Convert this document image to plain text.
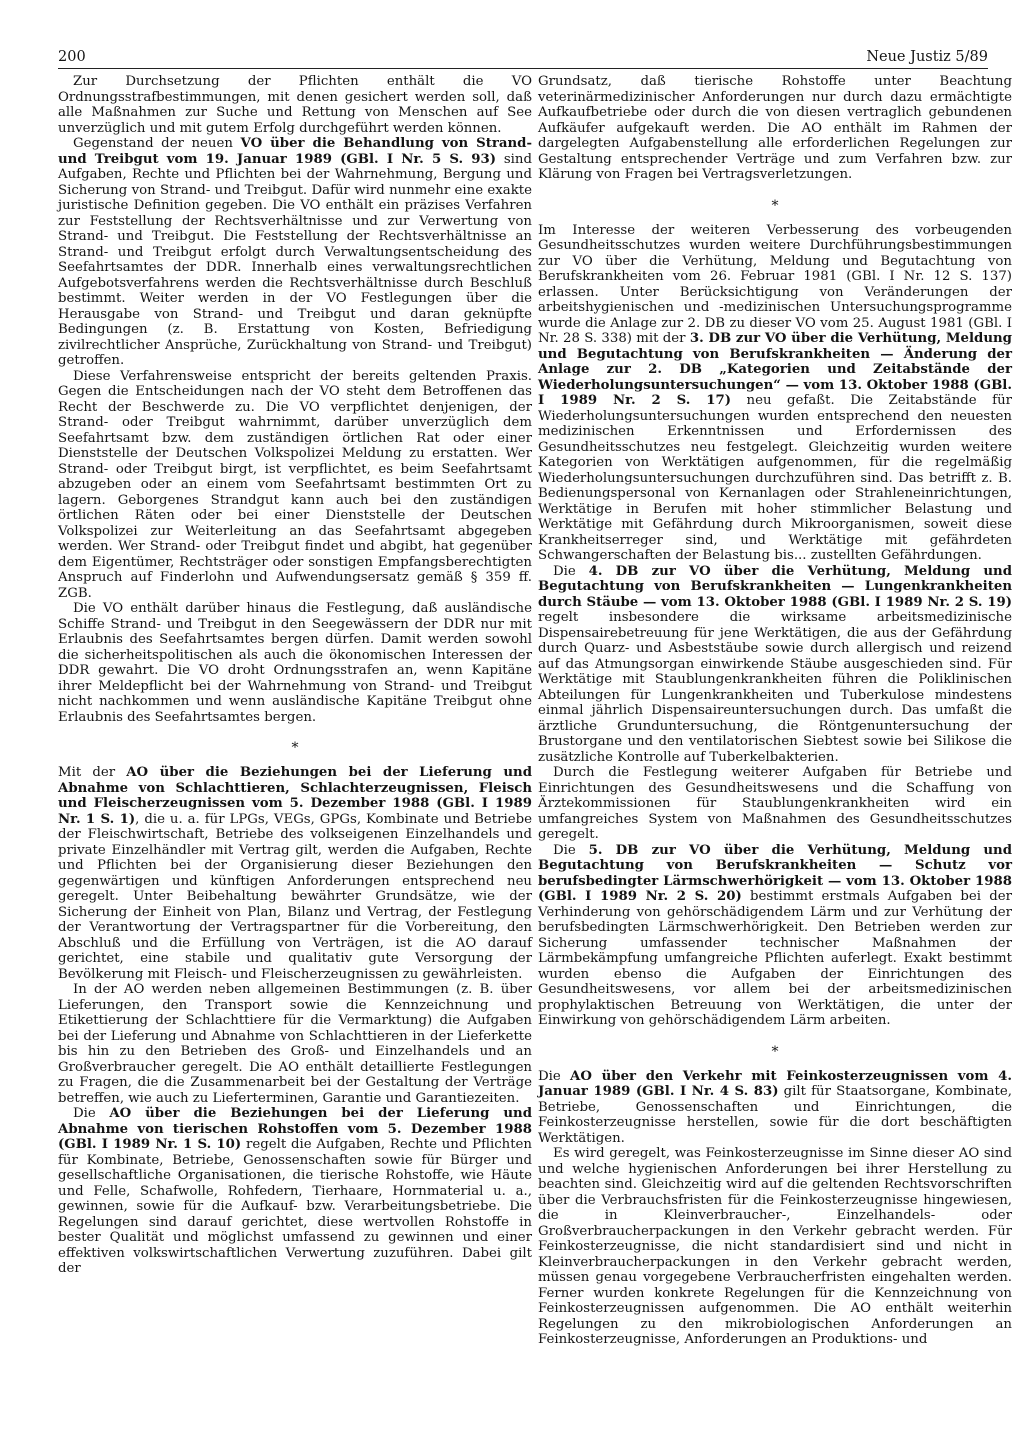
200	Neue Justiz 5/89

Zur Durchsetzung der Pflichten enthält die VO Ordnungsstrafbestimmungen, mit denen gesichert werden soll, daß alle Maßnahmen zur Suche und Rettung von Menschen auf See unverzüglich und mit gutem Erfolg durchgeführt werden können.

Gegenstand der neuen VO über die Behandlung von Strand- und Treibgut vom 19. Januar 1989 (GBl. I Nr. 5 S. 93) sind Aufgaben, Rechte und Pflichten bei der Wahrnehmung, Bergung und Sicherung von Strand- und Treibgut. Dafür wird nunmehr eine exakte juristische Definition gegeben. Die VO enthält ein präzises Verfahren zur Feststellung der Rechtsverhältnisse und zur Verwertung von Strand- und Treibgut. Die Feststellung der Rechtsverhältnisse an Strand- und Treibgut erfolgt durch Verwaltungsentscheidung des Seefahrtsamtes der DDR. Innerhalb eines verwaltungsrechtlichen Aufgebotsverfahrens werden die Rechtsverhältnisse durch Beschluß bestimmt. Weiter werden in der VO Festlegungen über die Herausgabe von Strand- und Treibgut und daran geknüpfte Bedingungen (z. B. Erstattung von Kosten, Befriedigung zivilrechtlicher Ansprüche, Zurückhaltung von Strand- und Treibgut) getroffen.

Diese Verfahrensweise entspricht der bereits geltenden Praxis. Gegen die Entscheidungen nach der VO steht dem Betroffenen das Recht der Beschwerde zu. Die VO verpflichtet denjenigen, der Strand- oder Treibgut wahrnimmt, darüber unverzüglich dem Seefahrtsamt bzw. dem zuständigen örtlichen Rat oder einer Dienststelle der Deutschen Volkspolizei Meldung zu erstatten. Wer Strand- oder Treibgut birgt, ist verpflichtet, es beim Seefahrtsamt abzugeben oder an einem vom Seefahrtsamt bestimmten Ort zu lagern. Geborgenes Strandgut kann auch bei den zuständigen örtlichen Räten oder bei einer Dienststelle der Deutschen Volkspolizei zur Weiterleitung an das Seefahrtsamt abgegeben werden. Wer Strand- oder Treibgut findet und abgibt, hat gegenüber dem Eigentümer, Rechtsträger oder sonstigen Empfangsberechtigten Anspruch auf Finderlohn und Aufwendungsersatz gemäß § 359 ff. ZGB.

Die VO enthält darüber hinaus die Festlegung, daß ausländische Schiffe Strand- und Treibgut in den Seegewässern der DDR nur mit Erlaubnis des Seefahrtsamtes bergen dürfen. Damit werden sowohl die sicherheitspolitischen als auch die ökonomischen Interessen der DDR gewahrt. Die VO droht Ordnungsstrafen an, wenn Kapitäne ihrer Meldepflicht bei der Wahrnehmung von Strand- und Treibgut nicht nachkommen und wenn ausländische Kapitäne Treibgut ohne Erlaubnis des Seefahrtsamtes bergen.

*

Mit der AO über die Beziehungen bei der Lieferung und Abnahme von Schlachttieren, Schlachterzeugnissen, Fleisch und Fleischerzeugnissen vom 5. Dezember 1988 (GBl. I 1989 Nr. 1 S. 1), die u. a. für LPGs, VEGs, GPGs, Kombinate und Betriebe der Fleischwirtschaft, Betriebe des volkseigenen Einzelhandels und private Einzelhändler mit Vertrag gilt, werden die Aufgaben, Rechte und Pflichten bei der Organisierung dieser Beziehungen den gegenwärtigen und künftigen Anforderungen entsprechend neu geregelt. Unter Beibehaltung bewährter Grundsätze, wie der Sicherung der Einheit von Plan, Bilanz und Vertrag, der Festlegung der Verantwortung der Vertragspartner für die Vorbereitung, den Abschluß und die Erfüllung von Verträgen, ist die AO darauf gerichtet, eine stabile und qualitativ gute Versorgung der Bevölkerung mit Fleisch- und Fleischerzeugnissen zu gewährleisten.

In der AO werden neben allgemeinen Bestimmungen (z. B. über Lieferungen, den Transport sowie die Kennzeichnung und Etikettierung der Schlachttiere für die Vermarktung) die Aufgaben bei der Lieferung und Abnahme von Schlachttieren in der Lieferkette bis hin zu den Betrieben des Groß- und Einzelhandels und an Großverbraucher geregelt. Die AO enthält detaillierte Festlegungen zu Fragen, die die Zusammenarbeit bei der Gestaltung der Verträge betreffen, wie auch zu Lieferterminen, Garantie und Garantiezeiten.

Die AO über die Beziehungen bei der Lieferung und Abnahme von tierischen Rohstoffen vom 5. Dezember 1988 (GBl. I 1989 Nr. 1 S. 10) regelt die Aufgaben, Rechte und Pflichten für Kombinate, Betriebe, Genossenschaften sowie für Bürger und gesellschaftliche Organisationen, die tierische Rohstoffe, wie Häute und Felle, Schafwolle, Rohfedern, Tierhaare, Hornmaterial u. a., gewinnen, sowie für die Aufkauf- bzw. Verarbeitungsbetriebe. Die Regelungen sind darauf gerichtet, diese wertvollen Rohstoffe in bester Qualität und möglichst umfassend zu gewinnen und einer effektiven volkswirtschaftlichen Verwertung zuzuführen. Dabei gilt der

Grundsatz, daß tierische Rohstoffe unter Beachtung veterinärmedizinischer Anforderungen nur durch dazu ermächtigte Aufkaufbetriebe oder durch die von diesen vertraglich gebundenen Aufkäufer aufgekauft werden. Die AO enthält im Rahmen der dargelegten Aufgabenstellung alle erforderlichen Regelungen zur Gestaltung entsprechender Verträge und zum Verfahren bzw. zur Klärung von Fragen bei Vertragsverletzungen.

*

Im Interesse der weiteren Verbesserung des vorbeugenden Gesundheitsschutzes wurden weitere Durchführungsbestimmungen zur VO über die Verhütung, Meldung und Begutachtung von Berufskrankheiten vom 26. Februar 1981 (GBl. I Nr. 12 S. 137) erlassen. Unter Berücksichtigung von Veränderungen der arbeitshygienischen und -medizinischen Untersuchungsprogramme wurde die Anlage zur 2. DB zu dieser VO vom 25. August 1981 (GBl. I Nr. 28 S. 338) mit der 3. DB zur VO über die Verhütung, Meldung und Begutachtung von Berufskrankheiten — Änderung der Anlage zur 2. DB „Kategorien und Zeitabstände der Wiederholungsuntersuchungen“ — vom 13. Oktober 1988 (GBl. I 1989 Nr. 2 S. 17) neu gefaßt. Die Zeitabstände für Wiederholungsuntersuchungen wurden entsprechend den neuesten medizinischen Erkenntnissen und Erfordernissen des Gesundheitsschutzes neu festgelegt. Gleichzeitig wurden weitere Kategorien von Werktätigen aufgenommen, für die regelmäßig Wiederholungsuntersuchungen durchzuführen sind. Das betrifft z. B. Bedienungspersonal von Kernanlagen oder Strahleneinrichtungen, Werktätige in Berufen mit hoher stimmlicher Belastung und Werktätige mit Gefährdung durch Mikroorganismen, soweit diese Krankheitserreger sind, und Werktätige mit gefährdeten Schwangerschaften der Belastung bis... zustellten Gefährdungen.

Die 4. DB zur VO über die Verhütung, Meldung und Begutachtung von Berufskrankheiten — Lungenkrankheiten durch Stäube — vom 13. Oktober 1988 (GBl. I 1989 Nr. 2 S. 19) regelt insbesondere die wirksame arbeitsmedizinische Dispensairebetreuung für jene Werktätigen, die aus der Gefährdung durch Quarz- und Asbeststäube sowie durch allergisch und reizend auf das Atmungsorgan einwirkende Stäube ausgeschieden sind. Für Werktätige mit Staublungenkrankheiten führen die Poliklinischen Abteilungen für Lungenkrankheiten und Tuberkulose mindestens einmal jährlich Dispensaireuntersuchungen durch. Das umfaßt die ärztliche Grunduntersuchung, die Röntgenuntersuchung der Brustorgane und den ventilatorischen Siebtest sowie bei Silikose die zusätzliche Kontrolle auf Tuberkelbakterien.

Durch die Festlegung weiterer Aufgaben für Betriebe und Einrichtungen des Gesundheitswesens und die Schaffung von Ärztekommissionen für Staublungenkrankheiten wird ein umfangreiches System von Maßnahmen des Gesundheitsschutzes geregelt.

Die 5. DB zur VO über die Verhütung, Meldung und Begutachtung von Berufskrankheiten — Schutz vor berufsbedingter Lärmschwerhörigkeit — vom 13. Oktober 1988 (GBl. I 1989 Nr. 2 S. 20) bestimmt erstmals Aufgaben bei der Verhinderung von gehörschädigendem Lärm und zur Verhütung der berufsbedingten Lärmschwerhörigkeit. Den Betrieben werden zur Sicherung umfassender technischer Maßnahmen der Lärmbekämpfung umfangreiche Pflichten auferlegt. Exakt bestimmt wurden ebenso die Aufgaben der Einrichtungen des Gesundheitswesens, vor allem bei der arbeitsmedizinischen prophylaktischen Betreuung von Werktätigen, die unter der Einwirkung von gehörschädigendem Lärm arbeiten.

*

Die AO über den Verkehr mit Feinkosterzeugnissen vom 4. Januar 1989 (GBl. I Nr. 4 S. 83) gilt für Staatsorgane, Kombinate, Betriebe, Genossenschaften und Einrichtungen, die Feinkosterzeugnisse herstellen, sowie für die dort beschäftigten Werktätigen.

Es wird geregelt, was Feinkosterzeugnisse im Sinne dieser AO sind und welche hygienischen Anforderungen bei ihrer Herstellung zu beachten sind. Gleichzeitig wird auf die geltenden Rechtsvorschriften über die Verbrauchsfristen für die Feinkosterzeugnisse hingewiesen, die in Kleinverbraucher-, Einzelhandels- oder Großverbraucherpackungen in den Verkehr gebracht werden. Für Feinkosterzeugnisse, die nicht standardisiert sind und nicht in Kleinverbraucherpackungen in den Verkehr gebracht werden, müssen genau vorgegebene Verbraucherfristen eingehalten werden. Ferner wurden konkrete Regelungen für die Kennzeichnung von Feinkosterzeugnissen aufgenommen. Die AO enthält weiterhin Regelungen zu den mikrobiologischen Anforderungen an Feinkosterzeugnisse, Anforderungen an Produktions- und
